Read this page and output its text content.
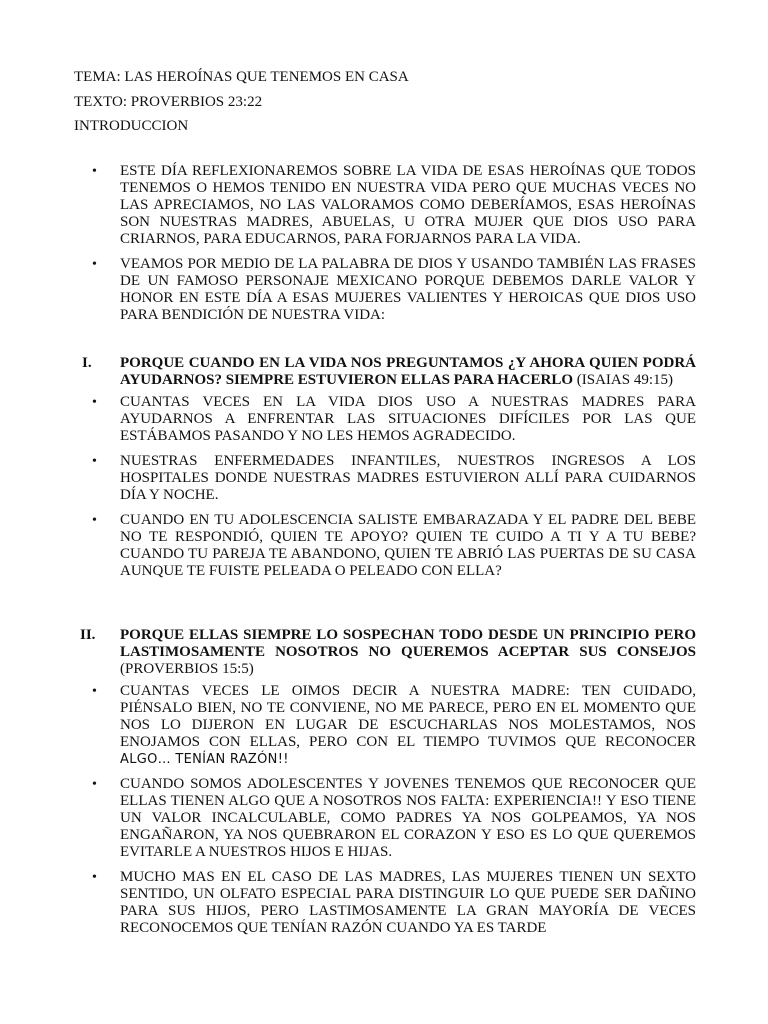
TEMA: LAS HEROÍNAS QUE TENEMOS EN CASA
TEXTO: PROVERBIOS 23:22
INTRODUCCION
• ESTE DÍA REFLEXIONAREMOS SOBRE LA VIDA DE ESAS HEROÍNAS QUE TODOS TENEMOS O HEMOS TENIDO EN NUESTRA VIDA PERO QUE MUCHAS VECES NO LAS APRECIAMOS, NO LAS VALORAMOS COMO DEBERÍAMOS, ESAS HEROÍNAS SON NUESTRAS MADRES, ABUELAS, U OTRA MUJER QUE DIOS USO PARA CRIARNOS, PARA EDUCARNOS, PARA FORJARNOS PARA LA VIDA.
• VEAMOS POR MEDIO DE LA PALABRA DE DIOS Y USANDO TAMBIÉN LAS FRASES DE UN FAMOSO PERSONAJE MEXICANO PORQUE DEBEMOS DARLE VALOR Y HONOR EN ESTE DÍA A ESAS MUJERES VALIENTES Y HEROICAS QUE DIOS USO PARA BENDICIÓN DE NUESTRA VIDA:
I. PORQUE CUANDO EN LA VIDA NOS PREGUNTAMOS ¿Y AHORA QUIEN PODRÁ AYUDARNOS? SIEMPRE ESTUVIERON ELLAS PARA HACERLO (ISAIAS 49:15)
• CUANTAS VECES EN LA VIDA DIOS USO A NUESTRAS MADRES PARA AYUDARNOS A ENFRENTAR LAS SITUACIONES DIFÍCILES POR LAS QUE ESTÁBAMOS PASANDO Y NO LES HEMOS AGRADECIDO.
• NUESTRAS ENFERMEDADES INFANTILES, NUESTROS INGRESOS A LOS HOSPITALES DONDE NUESTRAS MADRES ESTUVIERON ALLÍ PARA CUIDARNOS DÍA Y NOCHE.
• CUANDO EN TU ADOLESCENCIA SALISTE EMBARAZADA Y EL PADRE DEL BEBE NO TE RESPONDIÓ, QUIEN TE APOYO? QUIEN TE CUIDO A TI Y A TU BEBE? CUANDO TU PAREJA TE ABANDONO, QUIEN TE ABRIÓ LAS PUERTAS DE SU CASA AUNQUE TE FUISTE PELEADA O PELEADO CON ELLA?
II. PORQUE ELLAS SIEMPRE LO SOSPECHAN TODO DESDE UN PRINCIPIO PERO LASTIMOSAMENTE NOSOTROS NO QUEREMOS ACEPTAR SUS CONSEJOS (PROVERBIOS 15:5)
• CUANTAS VECES LE OIMOS DECIR A NUESTRA MADRE: TEN CUIDADO, PIÉNSALO BIEN, NO TE CONVIENE, NO ME PARECE, PERO EN EL MOMENTO QUE NOS LO DIJERON EN LUGAR DE ESCUCHARLAS NOS MOLESTAMOS, NOS ENOJAMOS CON ELLAS, PERO CON EL TIEMPO TUVIMOS QUE RECONOCER ALGO… TENÍAN RAZÓN!!
• CUANDO SOMOS ADOLESCENTES Y JOVENES TENEMOS QUE RECONOCER QUE ELLAS TIENEN ALGO QUE A NOSOTROS NOS FALTA: EXPERIENCIA!! Y ESO TIENE UN VALOR INCALCULABLE, COMO PADRES YA NOS GOLPEAMOS, YA NOS ENGAÑARON, YA NOS QUEBRARON EL CORAZON Y ESO ES LO QUE QUEREMOS EVITARLE A NUESTROS HIJOS E HIJAS.
• MUCHO MAS EN EL CASO DE LAS MADRES, LAS MUJERES TIENEN UN SEXTO SENTIDO, UN OLFATO ESPECIAL PARA DISTINGUIR LO QUE PUEDE SER DAÑINO PARA SUS HIJOS, PERO LASTIMOSAMENTE LA GRAN MAYORÍA DE VECES RECONOCEMOS QUE TENÍAN RAZÓN CUANDO YA ES TARDE
